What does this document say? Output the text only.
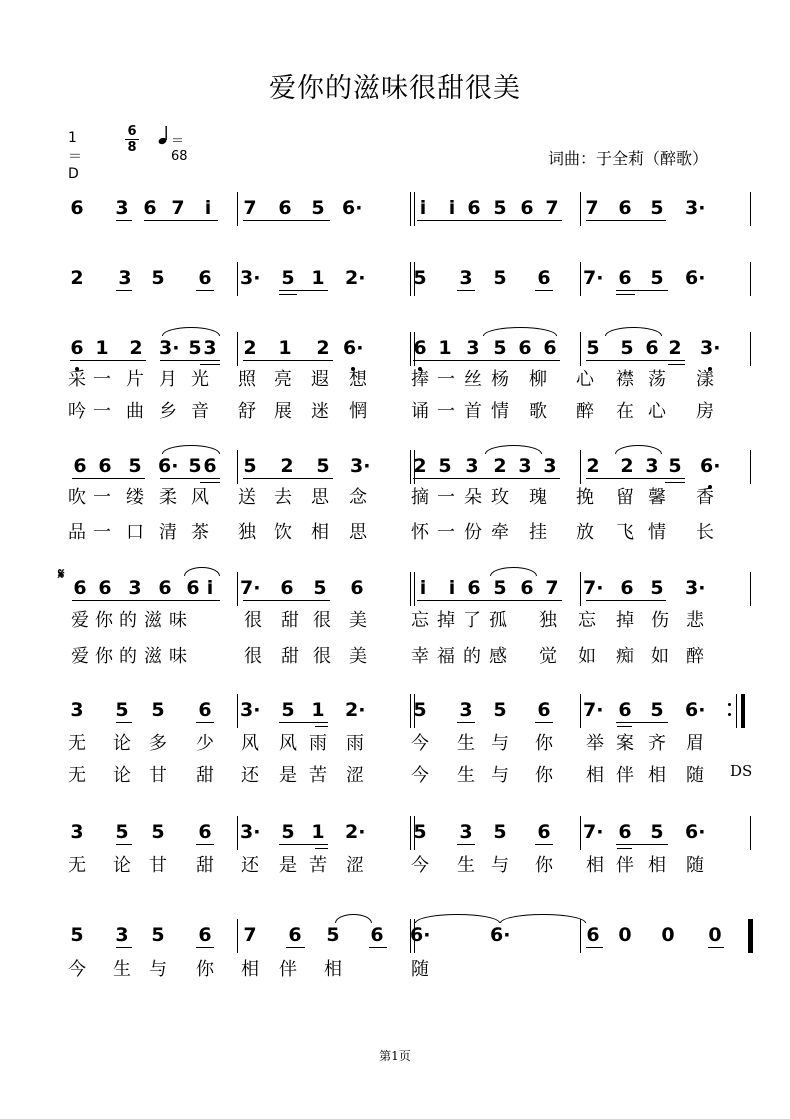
爱你的滋味很甜很美
1＝D
6
8	＝ 68	词曲：于全莉（醉歌）
𝄋
DS
6 3 6 7	i	7 6 5 6·	i	i 6 5 6 7 7 6 5 3·
2 3 5 6 3· 5 1 2·	5 3 5 6 7· 6 5 6·
6 1 2 3· 5 3 2 1 2 6·	6 1 3 5 6 6 5 5 6 2 3·
6 6 5 6· 5 6 5 2 5 3· 2 5 3 2 3 3 2 2 3 5 6·
6 6 3 6 6 i	7· 6 5 6	i	i 6 5 6 7 7· 6 5 3·
3 5 5 6 3· 5 1 2·	5 3 5 6 7· 6 5 6·
3 5 5 6 3· 5 1 2·	5 3 5 6 7· 6 5 6·
5 3 5 6 7 6 5 6 6·	6·	6 0 0 0
采 一 片 月 光 照 亮 遐 想 捧 一 丝 杨 柳 心 襟 荡 漾
吟 一 曲 乡 音 舒 展 迷 惘 诵 一 首 情 歌 醉 在 心 房
吹 一 缕 柔 风 送 去 思 念 摘 一 朵 玫 瑰 挽 留 馨 香
品 一 口 清 茶 独 饮 相 思 怀 一 份 牵 挂 放 飞 情 长
爱 你 的 滋 味	很 甜 很 美 忘 掉 了 孤 独 忘 掉 伤 悲
爱 你 的 滋 味	很 甜 很 美 幸 福 的 感 觉 如 痴 如 醉
无 论 多 少 风 风 雨 雨	今 生 与 你 举 案 齐 眉
无 论 甘 甜 还 是 苦 涩	今 生 与 你 相 伴 相 随
无 论 甘 甜 还 是 苦 涩	今 生 与 你 相 伴 相 随
今 生 与 你 相 伴 相	随
第1页
